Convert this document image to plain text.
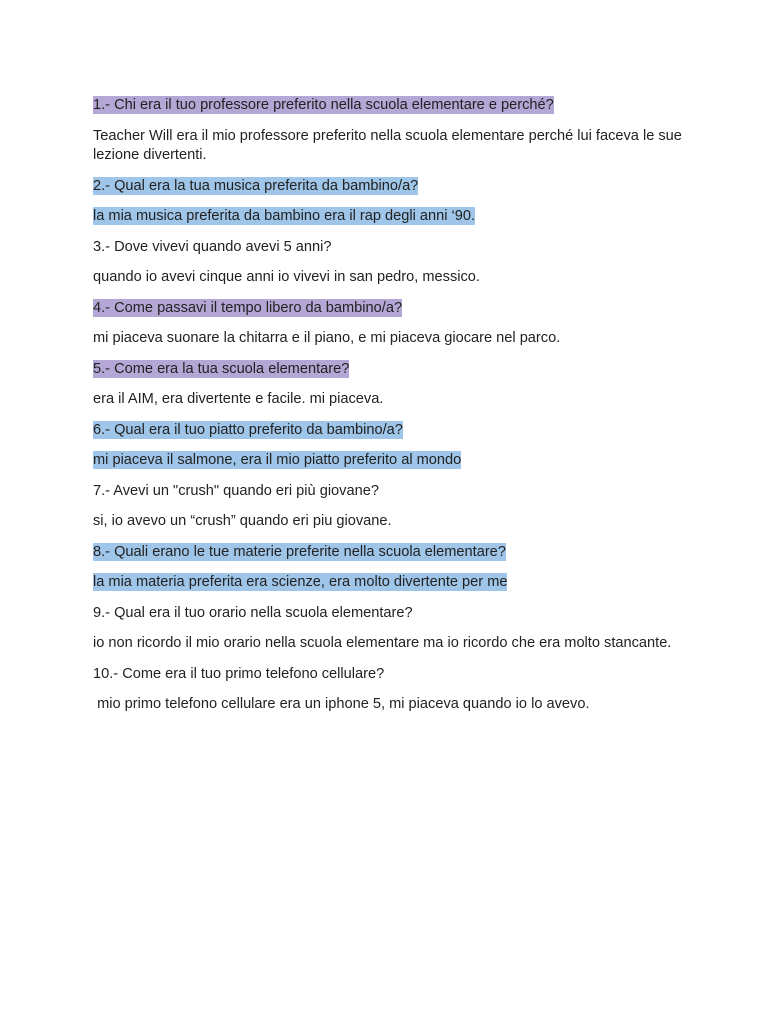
1.- Chi era il tuo professore preferito nella scuola elementare e perché?

Teacher Will era il mio professore preferito nella scuola elementare perché lui faceva le sue lezione divertenti.

2.- Qual era la tua musica preferita da bambino/a?

la mia musica preferita da bambino era il rap degli anni ‘90.

3.- Dove vivevi quando avevi 5 anni?

quando io avevi cinque anni io vivevi in san pedro, messico.

4.- Come passavi il tempo libero da bambino/a?

mi piaceva suonare la chitarra e il piano, e mi piaceva giocare nel parco.

5.- Come era la tua scuola elementare?

era il AIM, era divertente e facile. mi piaceva.

6.- Qual era il tuo piatto preferito da bambino/a?

mi piaceva il salmone, era il mio piatto preferito al mondo

7.- Avevi un "crush" quando eri più giovane?

si, io avevo un “crush” quando eri piu giovane.

8.- Quali erano le tue materie preferite nella scuola elementare?

la mia materia preferita era scienze, era molto divertente per me

9.- Qual era il tuo orario nella scuola elementare?

io non ricordo il mio orario nella scuola elementare ma io ricordo che era molto stancante.

10.- Come era il tuo primo telefono cellulare?

mio primo telefono cellulare era un iphone 5, mi piaceva quando io lo avevo.
